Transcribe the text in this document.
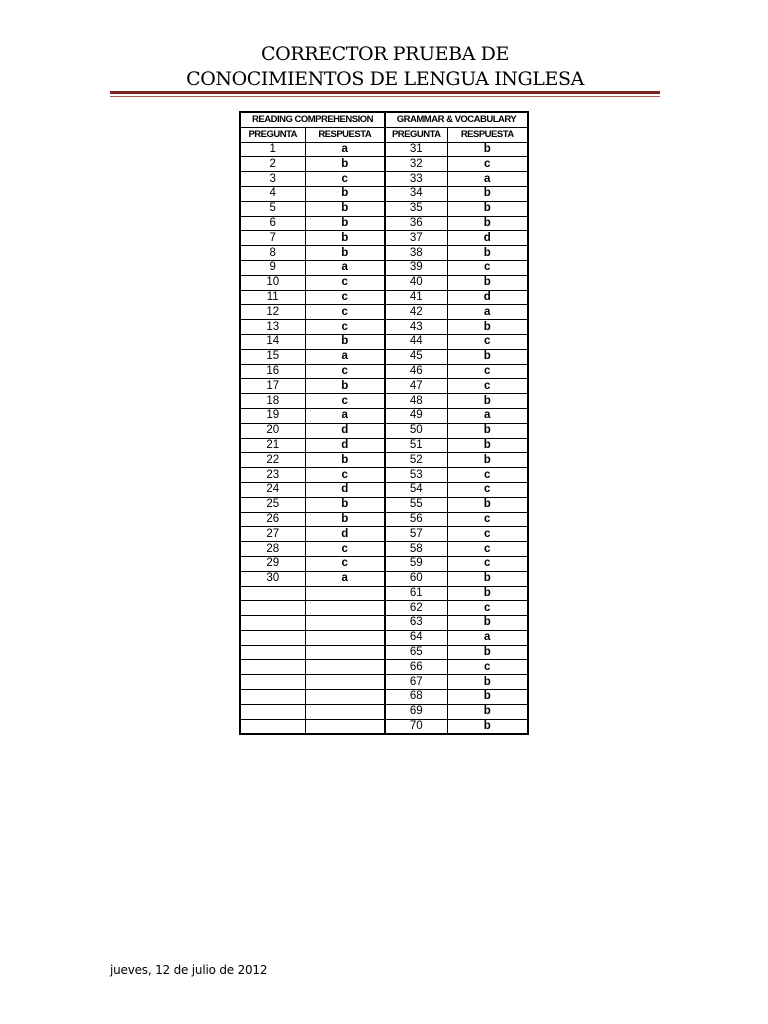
CORRECTOR PRUEBA DE
CONOCIMIENTOS DE LENGUA INGLESA
READING COMPREHENSION		GRAMMAR & VOCABULARY	
PREGUNTA	RESPUESTA	PREGUNTA	RESPUESTA
1	a	31	b
2	b	32	c
3	c	33	a
4	b	34	b
5	b	35	b
6	b	36	b
7	b	37	d
8	b	38	b
9	a	39	c
10	c	40	b
11	c	41	d
12	c	42	a
13	c	43	b
14	b	44	c
15	a	45	b
16	c	46	c
17	b	47	c
18	c	48	b
19	a	49	a
20	d	50	b
21	d	51	b
22	b	52	b
23	c	53	c
24	d	54	c
25	b	55	b
26	b	56	c
27	d	57	c
28	c	58	c
29	c	59	c
30	a	60	b
		61	b
		62	c
		63	b
		64	a
		65	b
		66	c
		67	b
		68	b
		69	b
		70	b
jueves, 12 de julio de 2012
